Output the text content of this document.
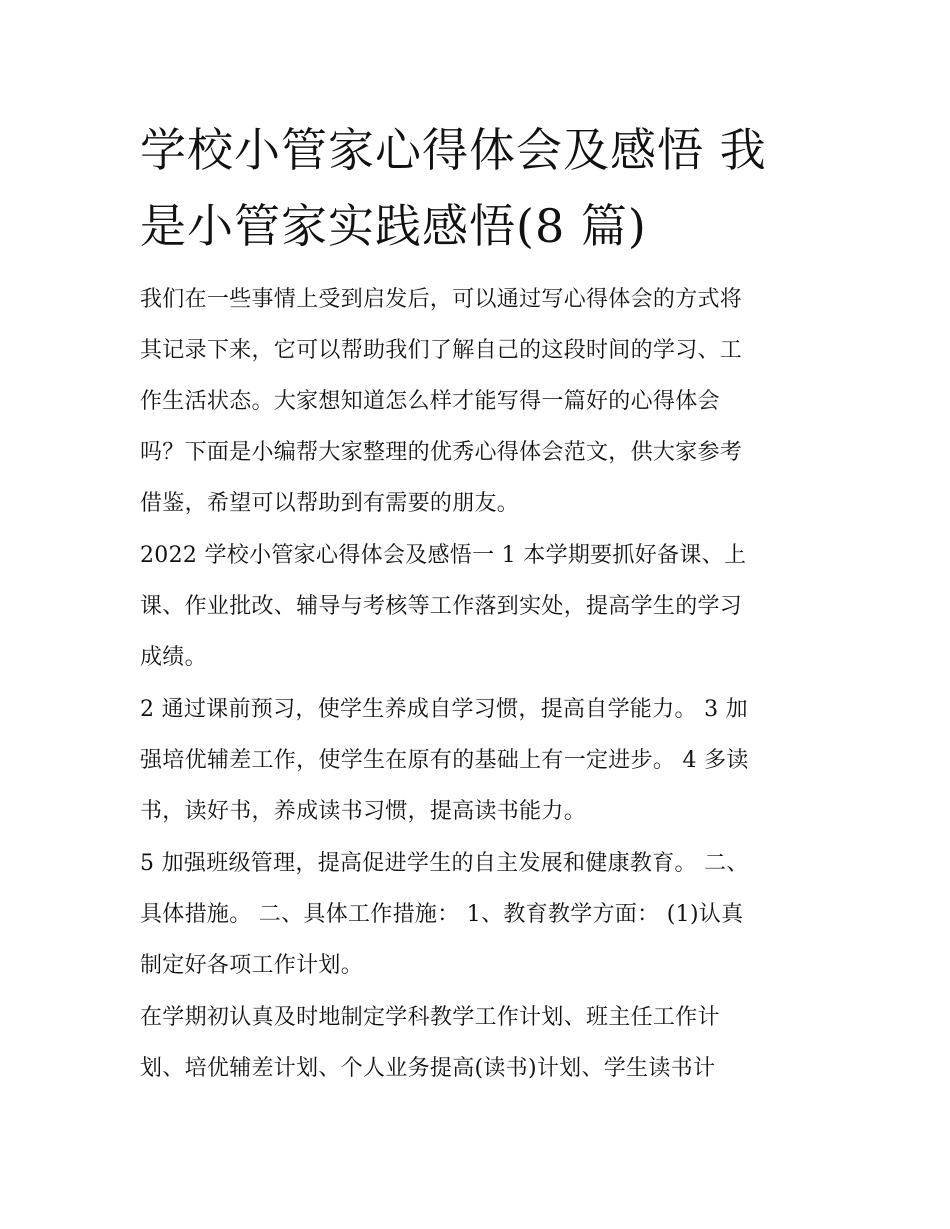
学校小管家心得体会及感悟 我
是小管家实践感悟(8 篇)
我们在一些事情上受到启发后，可以通过写心得体会的方式将
其记录下来，它可以帮助我们了解自己的这段时间的学习、工
作生活状态。大家想知道怎么样才能写得一篇好的心得体会
吗？下面是小编帮大家整理的优秀心得体会范文，供大家参考
借鉴，希望可以帮助到有需要的朋友。
2022 学校小管家心得体会及感悟一 1 本学期要抓好备课、上
课、作业批改、辅导与考核等工作落到实处，提高学生的学习
成绩。
2 通过课前预习，使学生养成自学习惯，提高自学能力。 3 加
强培优辅差工作，使学生在原有的基础上有一定进步。 4 多读
书，读好书，养成读书习惯，提高读书能力。
5 加强班级管理，提高促进学生的自主发展和健康教育。 二、
具体措施。 二、具体工作措施： 1、教育教学方面： (1)认真
制定好各项工作计划。
在学期初认真及时地制定学科教学工作计划、班主任工作计
划、培优辅差计划、个人业务提高(读书)计划、学生读书计
